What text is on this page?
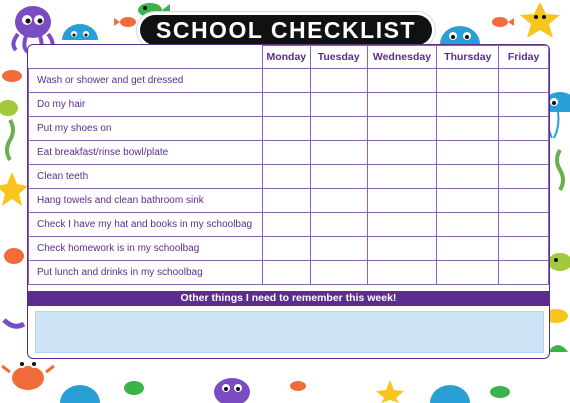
SCHOOL CHECKLIST
	Monday	Tuesday	Wednesday	Thursday	Friday
Wash or shower and get dressed					
Do my hair					
Put my shoes on					
Eat breakfast/rinse bowl/plate					
Clean teeth					
Hang towels and clean bathroom sink					
Check I have my hat and books in my schoolbag					
Check homework is in my schoolbag					
Put lunch and drinks in my schoolbag					
Other things I need to remember this week!
